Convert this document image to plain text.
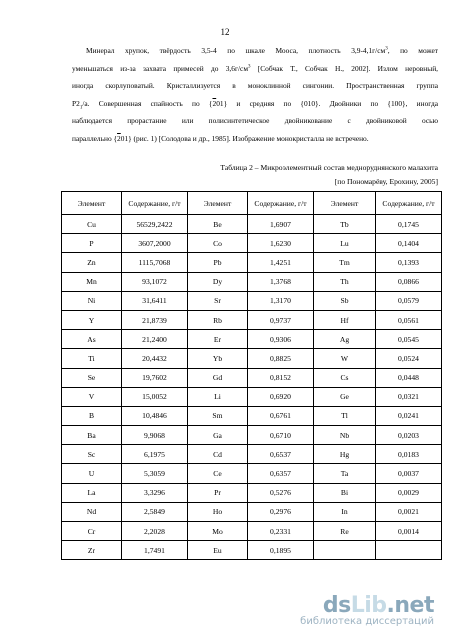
12
Минерал хрупок, твёрдость 3,5-4 по шкале Мооса, плотность $3,9-4,1г/см^3$, по может
уменьшаться из-за захвата примесей до $3,6г/см^3$ [Собчак Т., Собчак Н., 2002]. Излом неровный,
иногда скорлуповатый. Кристаллизуется в моноклинной сингонии. Пространственная группа
$P2_1/a$. Совершенная спайность по {201} и средняя по {010}. Двойники по {100}, иногда
наблюдается прорастание или полисинтетическое двойникование с двойниковой осью
параллельно {201} (рис. 1) [Солодова и др., 1985]. Изображение монокристалла не встречено.
Таблица 2 – Микроэлементный состав медноруднянского малахита
[по Пономарёву, Ерохину, 2005]
Элемент	Содержание, г/т	Элемент	Содержание, г/т	Элемент	Содержание, г/т
Cu	56529,2422	Be	1,6907	Tb	0,1745
P	3607,2000	Co	1,6230	Lu	0,1404
Zn	1115,7068	Pb	1,4251	Tm	0,1393
Mn	93,1072	Dy	1,3768	Th	0,0866
Ni	31,6411	Sr	1,3170	Sb	0,0579
Y	21,8739	Rb	0,9737	Hf	0,0561
As	21,2400	Er	0,9306	Ag	0,0545
Ti	20,4432	Yb	0,8825	W	0,0524
Se	19,7602	Gd	0,8152	Cs	0,0448
V	15,0052	Li	0,6920	Ge	0,0321
B	10,4846	Sm	0,6761	Tl	0,0241
Ba	9,9068	Ga	0,6710	Nb	0,0203
Sc	6,1975	Cd	0,6537	Hg	0,0183
U	5,3059	Ce	0,6357	Ta	0,0037
La	3,3296	Pr	0,5276	Bi	0,0029
Nd	2,5849	Ho	0,2976	In	0,0021
Cr	2,2028	Mo	0,2331	Re	0,0014
Zr	1,7491	Eu	0,1895		
dsLib.net
библиотека диссертаций
